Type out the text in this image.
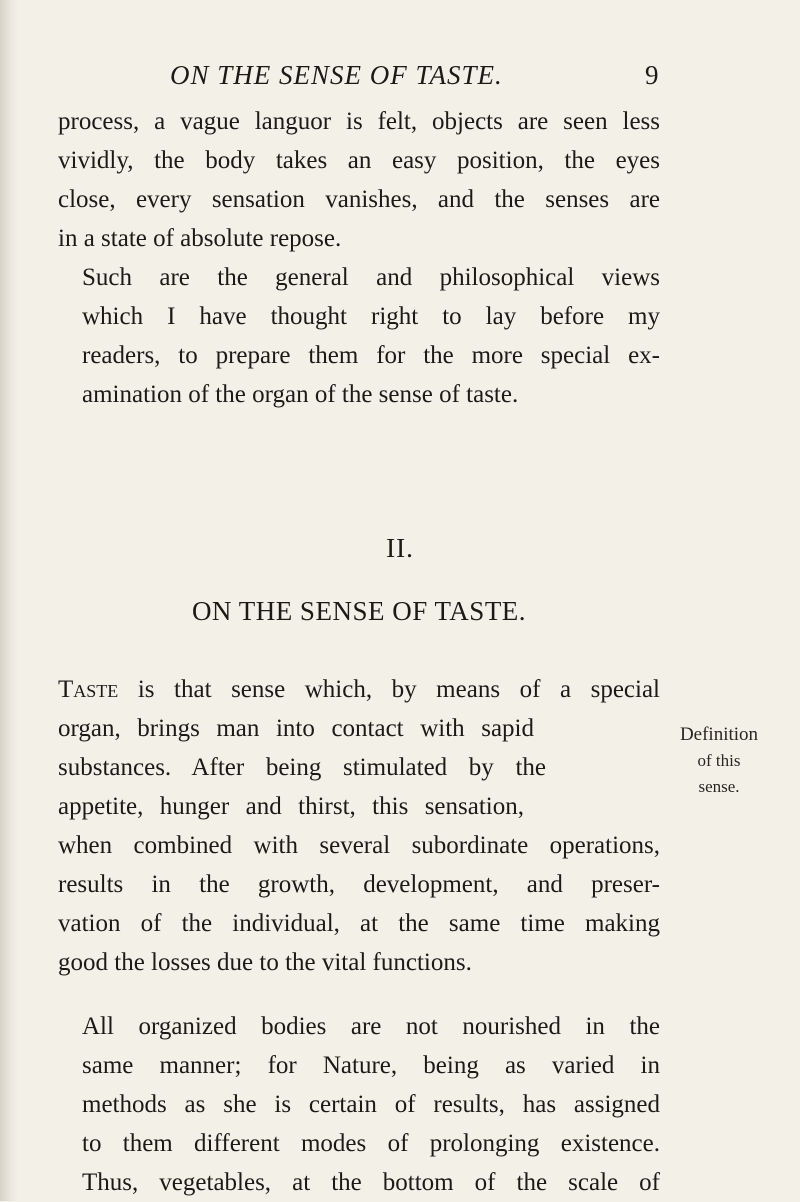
ON THE SENSE OF TASTE.	9
process, a vague languor is felt, objects are seen less
vividly, the body takes an easy position, the eyes
close, every sensation vanishes, and the senses are
in a state of absolute repose.
Such are the general and philosophical views
which I have thought right to lay before my
readers, to prepare them for the more special ex-
amination of the organ of the sense of taste.
II.
ON THE SENSE OF TASTE.
Taste is that sense which, by means of a special
organ, brings man into contact with sapid
substances. After being stimulated by the
appetite, hunger and thirst, this sensation,
when combined with several subordinate operations,
results in the growth, development, and preser-
vation of the individual, at the same time making
good the losses due to the vital functions.
Definition
of this
sense.
All organized bodies are not nourished in the
same manner; for Nature, being as varied in
methods as she is certain of results, has assigned
to them different modes of prolonging existence.
Thus, vegetables, at the bottom of the scale of
